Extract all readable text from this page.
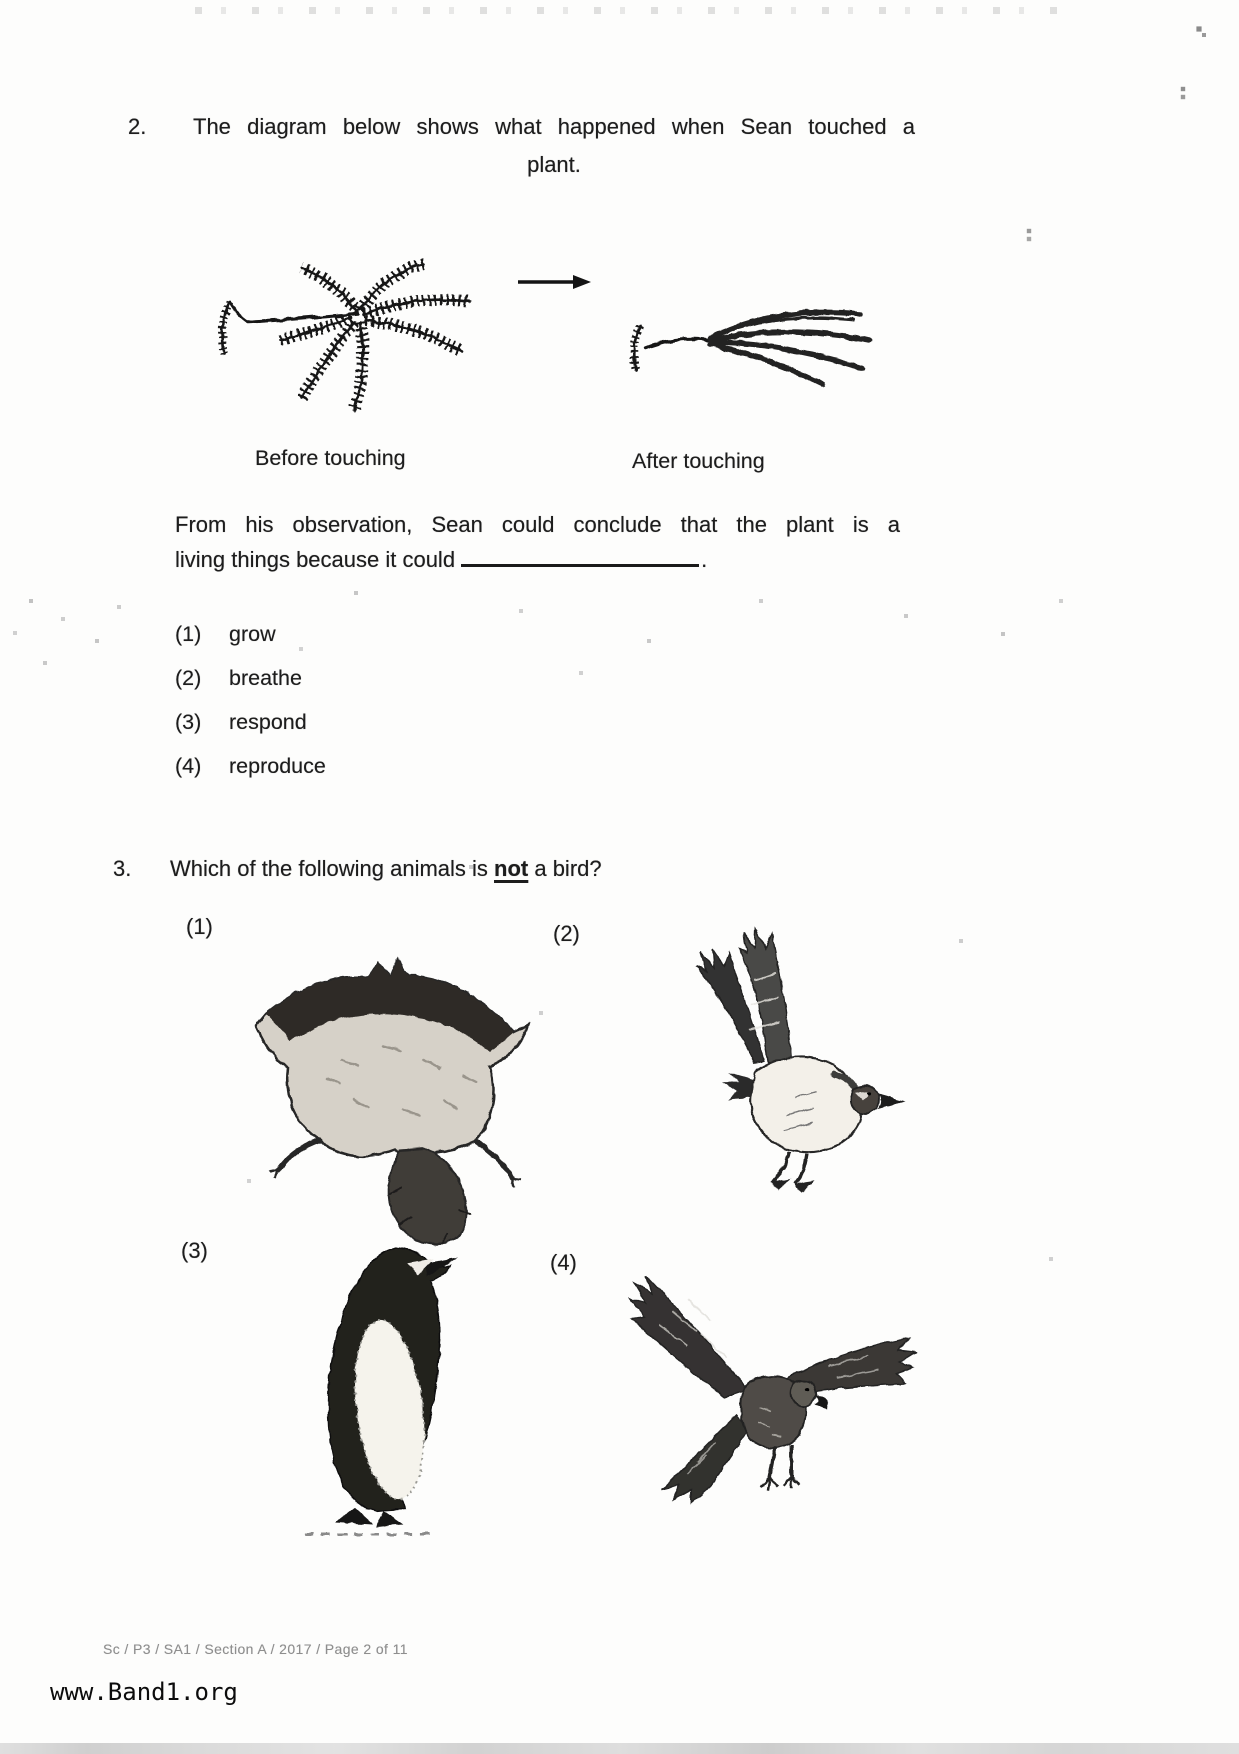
2. The diagram below shows what happened when Sean touched a
plant.
Before touching	After touching
From his observation, Sean could conclude that the plant is a
living things because it could	.
(1) grow
(2) breathe
(3) respond
(4) reproduce
3. Which of the following animals is not a bird?
(1)	(2)
(3)	(4)
Sc / P3 / SA1 / Section A / 2017 / Page 2 of 11
www.Band1.org
